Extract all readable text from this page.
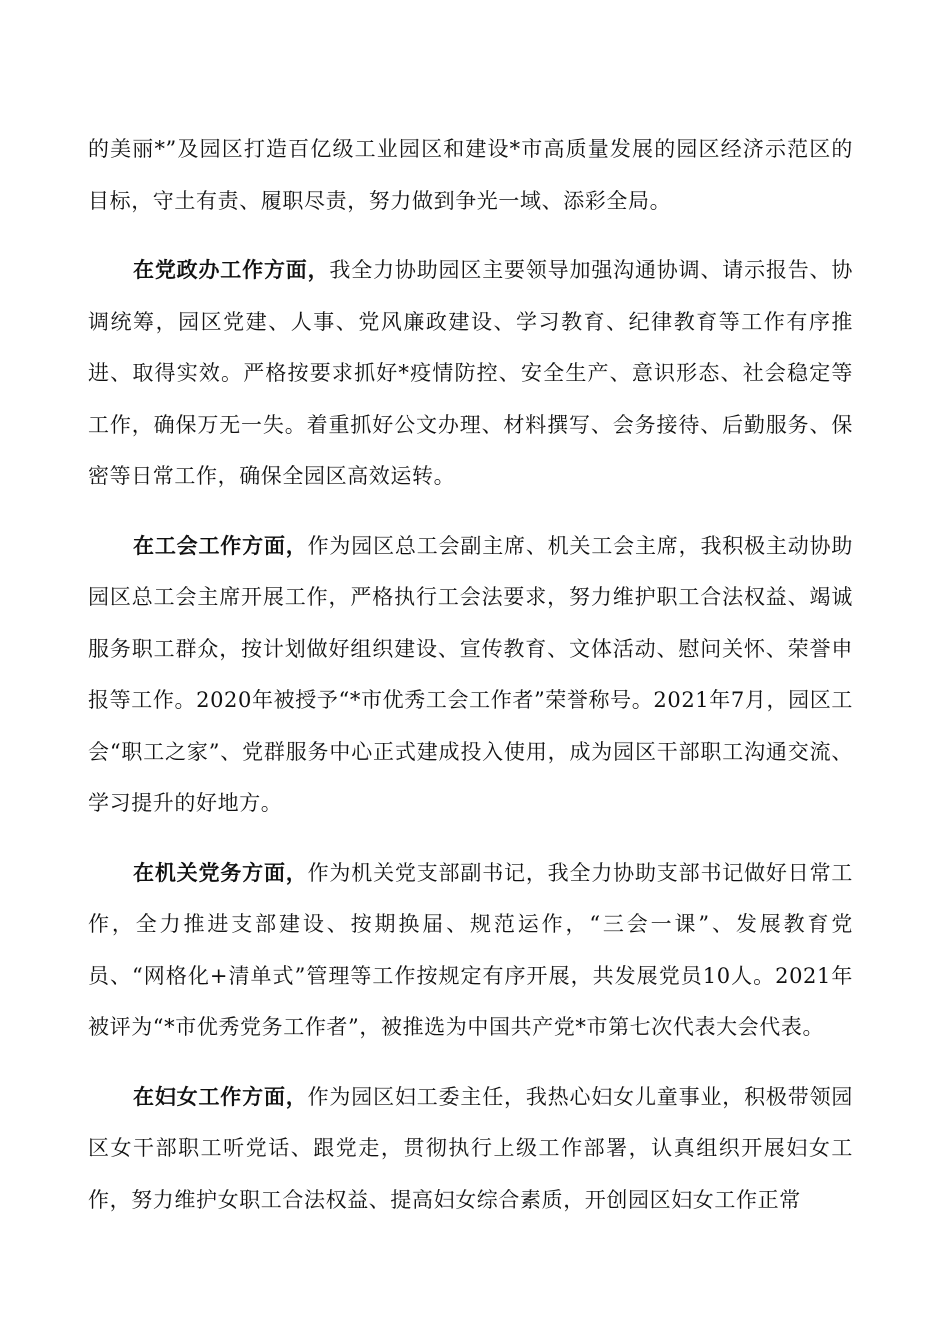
的美丽*”及园区打造百亿级工业园区和建设*市高质量发展的园区经济示范区的目标，守土有责、履职尽责，努力做到争光一域、添彩全局。

在党政办工作方面，我全力协助园区主要领导加强沟通协调、请示报告、协调统筹，园区党建、人事、党风廉政建设、学习教育、纪律教育等工作有序推进、取得实效。严格按要求抓好*疫情防控、安全生产、意识形态、社会稳定等工作，确保万无一失。着重抓好公文办理、材料撰写、会务接待、后勤服务、保密等日常工作，确保全园区高效运转。

在工会工作方面，作为园区总工会副主席、机关工会主席，我积极主动协助园区总工会主席开展工作，严格执行工会法要求，努力维护职工合法权益、竭诚服务职工群众，按计划做好组织建设、宣传教育、文体活动、慰问关怀、荣誉申报等工作。2020年被授予“*市优秀工会工作者”荣誉称号。2021年7月，园区工会“职工之家”、党群服务中心正式建成投入使用，成为园区干部职工沟通交流、学习提升的好地方。

在机关党务方面，作为机关党支部副书记，我全力协助支部书记做好日常工作，全力推进支部建设、按期换届、规范运作，“三会一课”、发展教育党员、“网格化+清单式”管理等工作按规定有序开展，共发展党员10人。2021年被评为“*市优秀党务工作者”，被推选为中国共产党*市第七次代表大会代表。

在妇女工作方面，作为园区妇工委主任，我热心妇女儿童事业，积极带领园区女干部职工听党话、跟党走，贯彻执行上级工作部署，认真组织开展妇女工作，努力维护女职工合法权益、提高妇女综合素质，开创园区妇女工作正常
